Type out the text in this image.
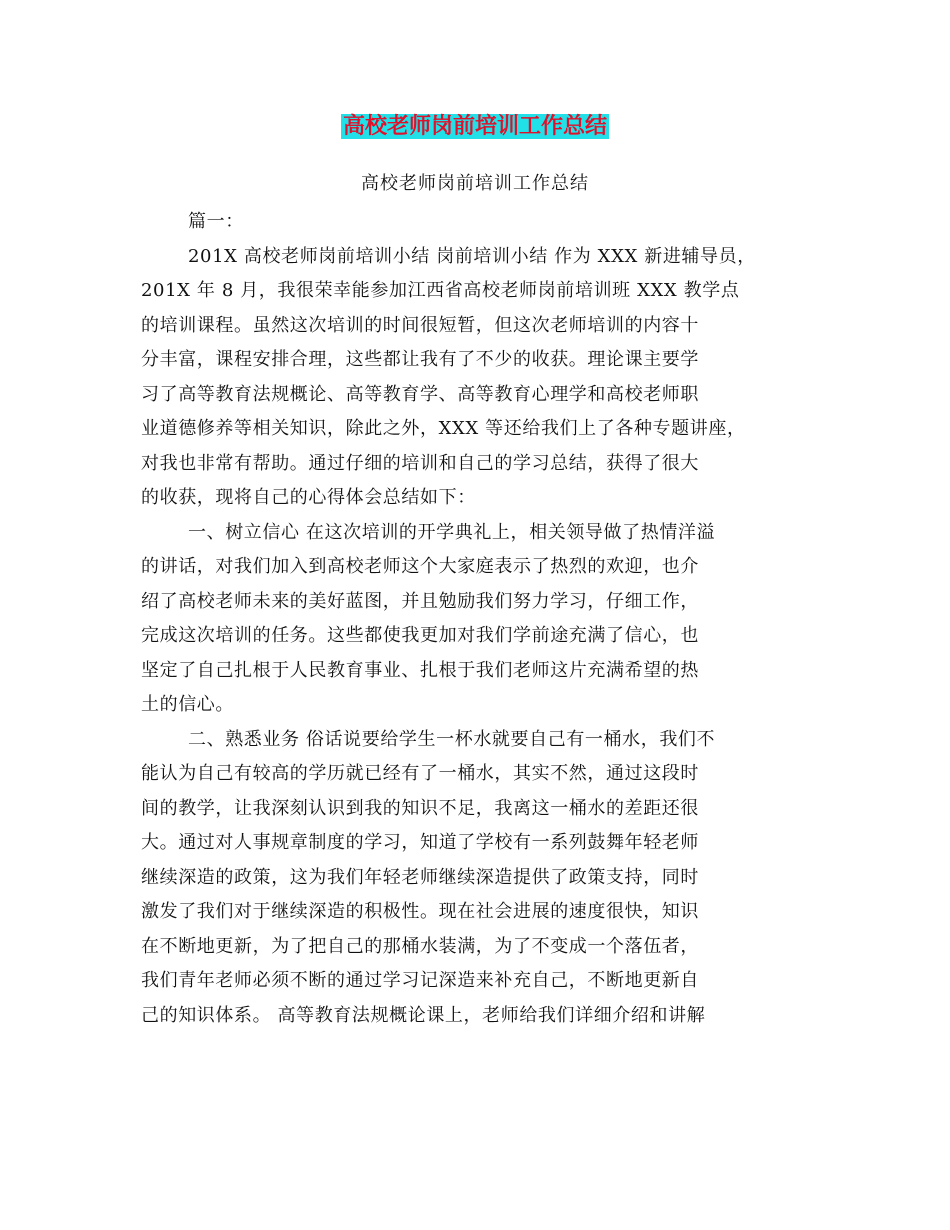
高校老师岗前培训工作总结
高校老师岗前培训工作总结
篇一：
201X 高校老师岗前培训小结 岗前培训小结 作为 XXX 新进辅导员，
201X 年 8 月，我很荣幸能参加江西省高校老师岗前培训班 XXX 教学点
的培训课程。虽然这次培训的时间很短暂，但这次老师培训的内容十
分丰富，课程安排合理，这些都让我有了不少的收获。理论课主要学
习了高等教育法规概论、高等教育学、高等教育心理学和高校老师职
业道德修养等相关知识，除此之外，XXX 等还给我们上了各种专题讲座，
对我也非常有帮助。通过仔细的培训和自己的学习总结，获得了很大
的收获，现将自己的心得体会总结如下：
一、树立信心 在这次培训的开学典礼上，相关领导做了热情洋溢
的讲话，对我们加入到高校老师这个大家庭表示了热烈的欢迎，也介
绍了高校老师未来的美好蓝图，并且勉励我们努力学习，仔细工作，
完成这次培训的任务。这些都使我更加对我们学前途充满了信心，也
坚定了自己扎根于人民教育事业、扎根于我们老师这片充满希望的热
土的信心。
二、熟悉业务 俗话说要给学生一杯水就要自己有一桶水，我们不
能认为自己有较高的学历就已经有了一桶水，其实不然，通过这段时
间的教学，让我深刻认识到我的知识不足，我离这一桶水的差距还很
大。通过对人事规章制度的学习，知道了学校有一系列鼓舞年轻老师
继续深造的政策，这为我们年轻老师继续深造提供了政策支持，同时
激发了我们对于继续深造的积极性。现在社会进展的速度很快，知识
在不断地更新，为了把自己的那桶水装满，为了不变成一个落伍者，
我们青年老师必须不断的通过学习记深造来补充自己，不断地更新自
己的知识体系。 高等教育法规概论课上，老师给我们详细介绍和讲解
